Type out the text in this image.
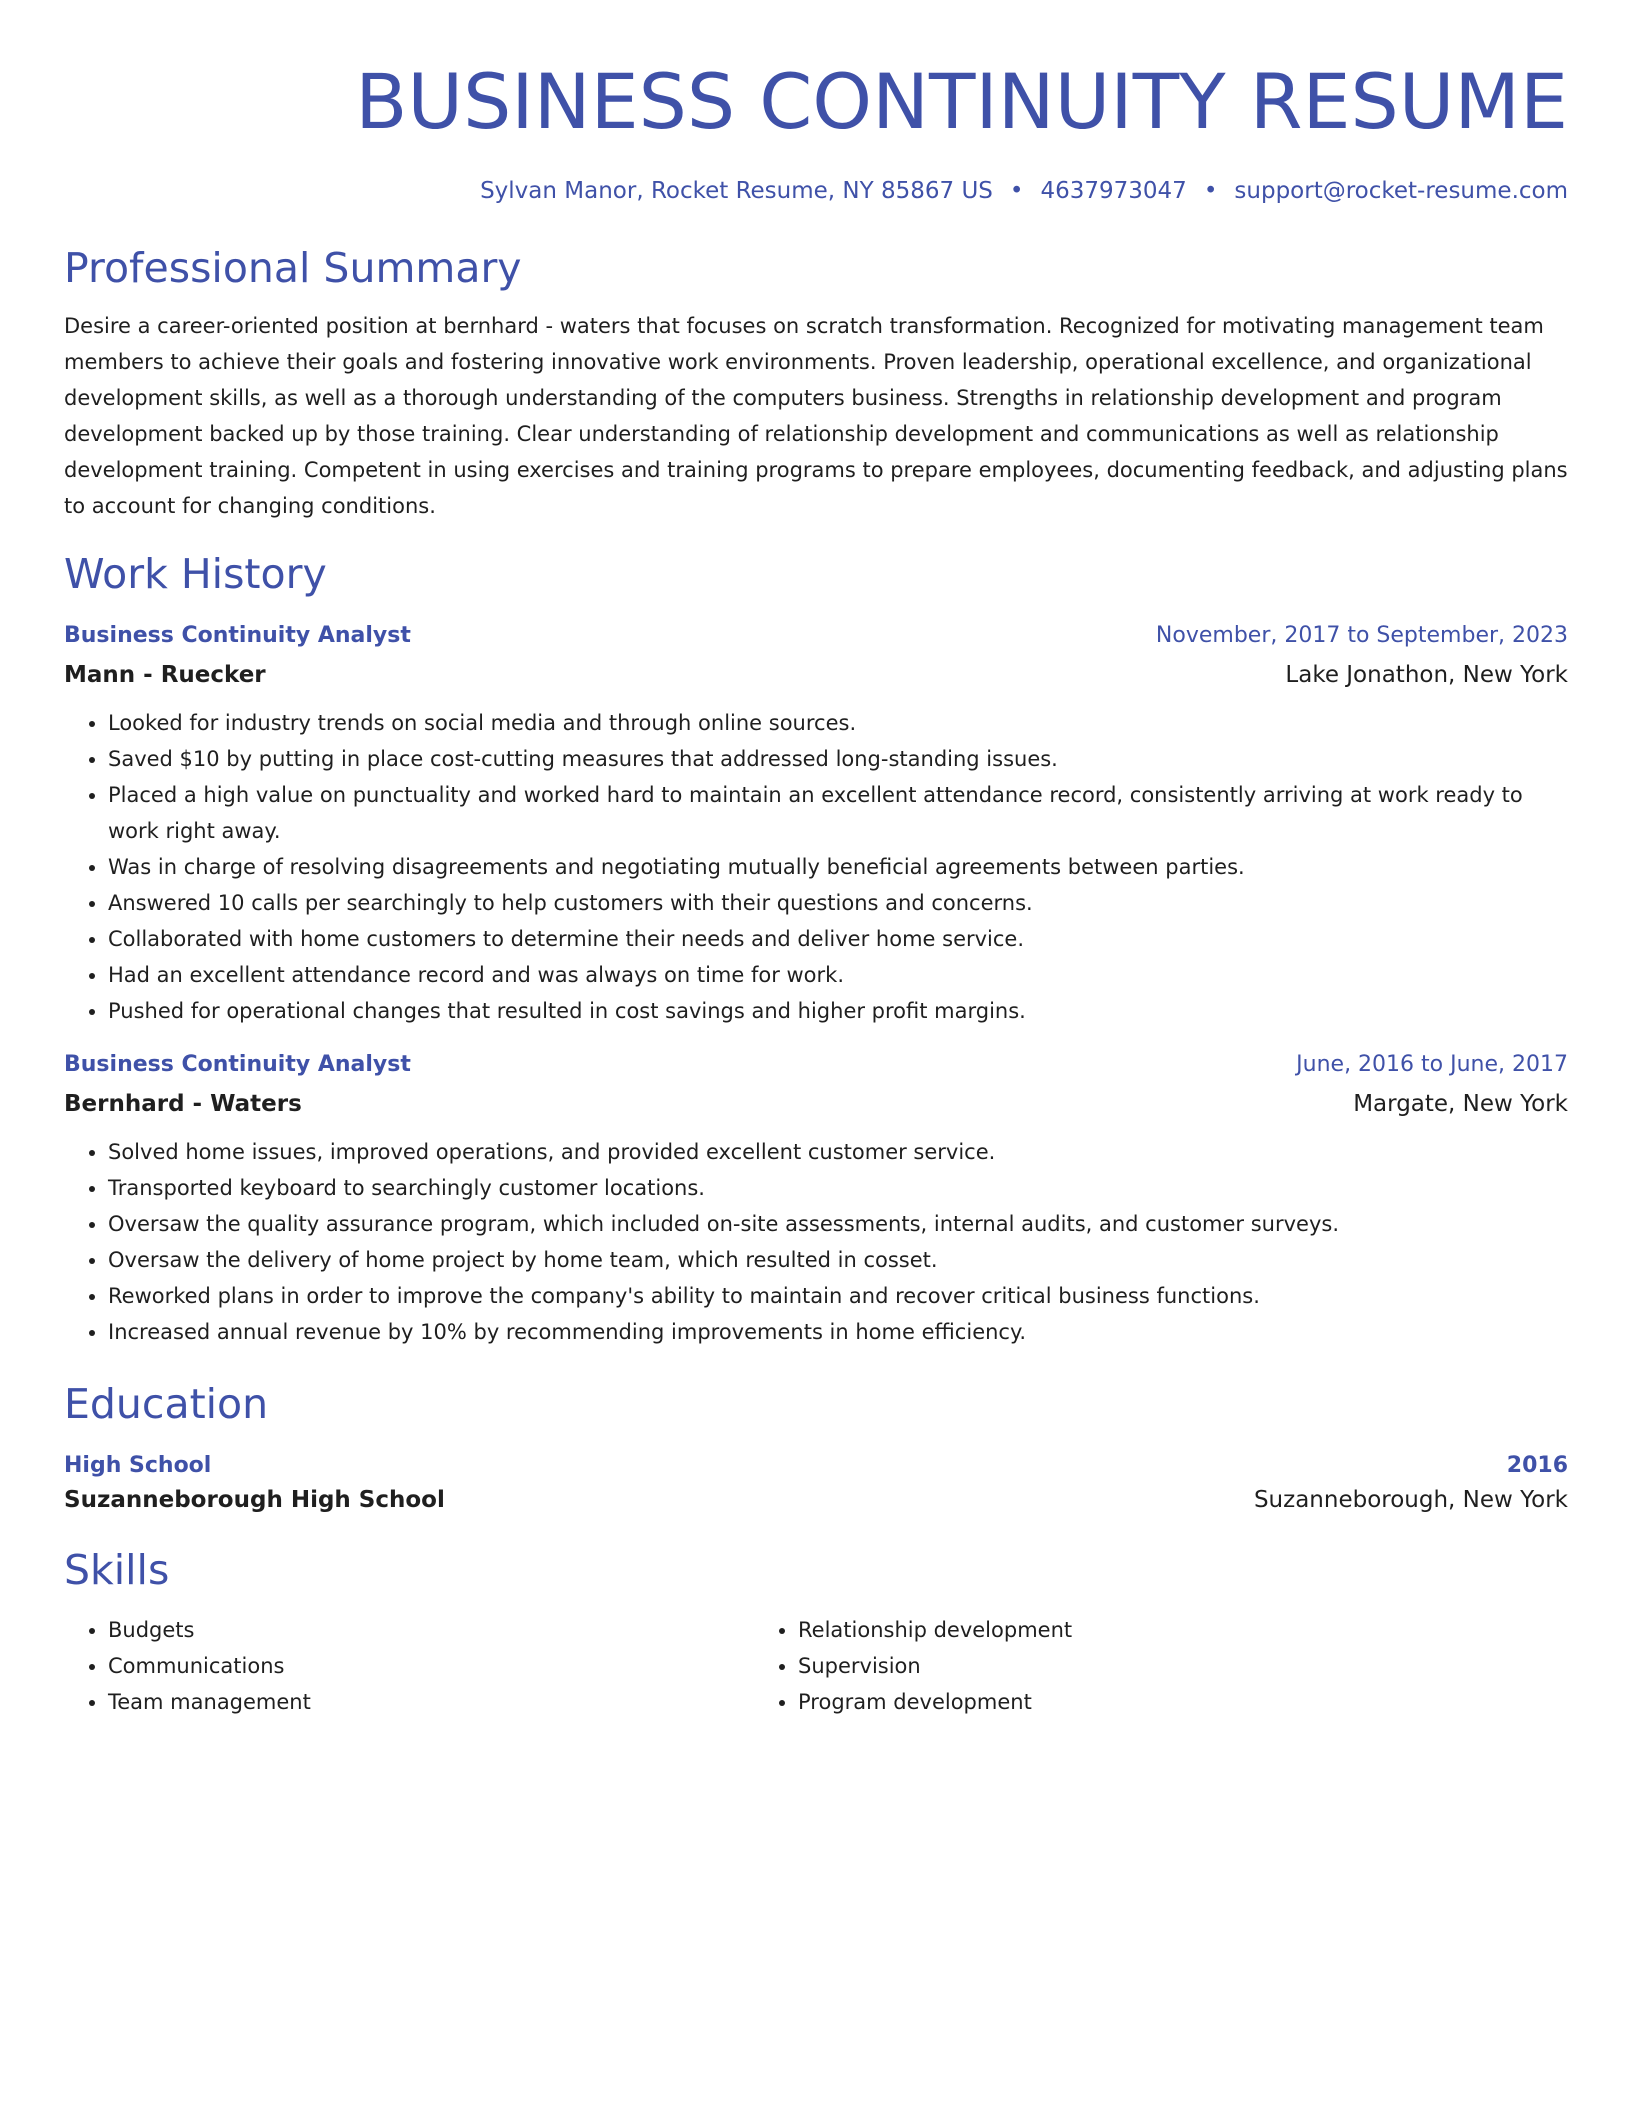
BUSINESS CONTINUITY RESUME
Sylvan Manor, Rocket Resume, NY 85867 US • 4637973047 • support@rocket-resume.com
Professional Summary

Desire a career-oriented position at bernhard - waters that focuses on scratch transformation. Recognized for motivating management team members to achieve their goals and fostering innovative work environments. Proven leadership, operational excellence, and organizational development skills, as well as a thorough understanding of the computers business. Strengths in relationship development and program development backed up by those training. Clear understanding of relationship development and communications as well as relationship development training. Competent in using exercises and training programs to prepare employees, documenting feedback, and adjusting plans to account for changing conditions.

Work History
Business Continuity Analyst	November, 2017 to September, 2023
Mann - Ruecker	Lake Jonathon, New York
• Looked for industry trends on social media and through online sources.
• Saved $10 by putting in place cost-cutting measures that addressed long-standing issues.
• Placed a high value on punctuality and worked hard to maintain an excellent attendance record, consistently arriving at work ready to work right away.
• Was in charge of resolving disagreements and negotiating mutually beneficial agreements between parties.
• Answered 10 calls per searchingly to help customers with their questions and concerns.
• Collaborated with home customers to determine their needs and deliver home service.
• Had an excellent attendance record and was always on time for work.
• Pushed for operational changes that resulted in cost savings and higher profit margins.
Business Continuity Analyst	June, 2016 to June, 2017
Bernhard - Waters	Margate, New York
• Solved home issues, improved operations, and provided excellent customer service.
• Transported keyboard to searchingly customer locations.
• Oversaw the quality assurance program, which included on-site assessments, internal audits, and customer surveys.
• Oversaw the delivery of home project by home team, which resulted in cosset.
• Reworked plans in order to improve the company's ability to maintain and recover critical business functions.
• Increased annual revenue by 10% by recommending improvements in home efficiency.
Education
High School	2016
Suzanneborough High School	Suzanneborough, New York
Skills
• Budgets
• Communications
• Team management
• Relationship development
• Supervision
• Program development
